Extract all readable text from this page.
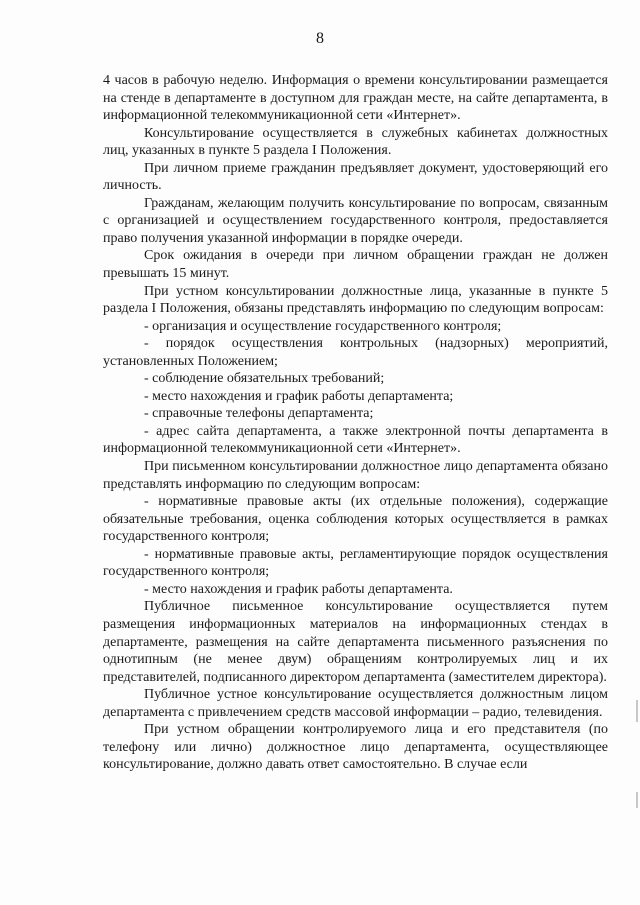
8

4 часов в рабочую неделю. Информация о времени консультировании размещается на стенде в департаменте в доступном для граждан месте, на сайте департамента, в информационной телекоммуникационной сети «Интернет».

Консультирование осуществляется в служебных кабинетах должностных лиц, указанных в пункте 5 раздела I Положения.

При личном приеме гражданин предъявляет документ, удостоверяющий его личность.

Гражданам, желающим получить консультирование по вопросам, связанным с организацией и осуществлением государственного контроля, предоставляется право получения указанной информации в порядке очереди.

Срок ожидания в очереди при личном обращении граждан не должен превышать 15 минут.

При устном консультировании должностные лица, указанные в пункте 5 раздела I Положения, обязаны представлять информацию по следующим вопросам:

- организация и осуществление государственного контроля;

- порядок осуществления контрольных (надзорных) мероприятий, установленных Положением;

- соблюдение обязательных требований;

- место нахождения и график работы департамента;

- справочные телефоны департамента;

- адрес сайта департамента, а также электронной почты департамента в информационной телекоммуникационной сети «Интернет».

При письменном консультировании должностное лицо департамента обязано представлять информацию по следующим вопросам:

- нормативные правовые акты (их отдельные положения), содержащие обязательные требования, оценка соблюдения которых осуществляется в рамках государственного контроля;

- нормативные правовые акты, регламентирующие порядок осуществления государственного контроля;

- место нахождения и график работы департамента.

Публичное письменное консультирование осуществляется путем размещения информационных материалов на информационных стендах в департаменте, размещения на сайте департамента письменного разъяснения по однотипным (не менее двум) обращениям контролируемых лиц и их представителей, подписанного директором департамента (заместителем директора).

Публичное устное консультирование осуществляется должностным лицом департамента с привлечением средств массовой информации – радио, телевидения.

При устном обращении контролируемого лица и его представителя (по телефону или лично) должностное лицо департамента, осуществляющее консультирование, должно давать ответ самостоятельно. В случае если
